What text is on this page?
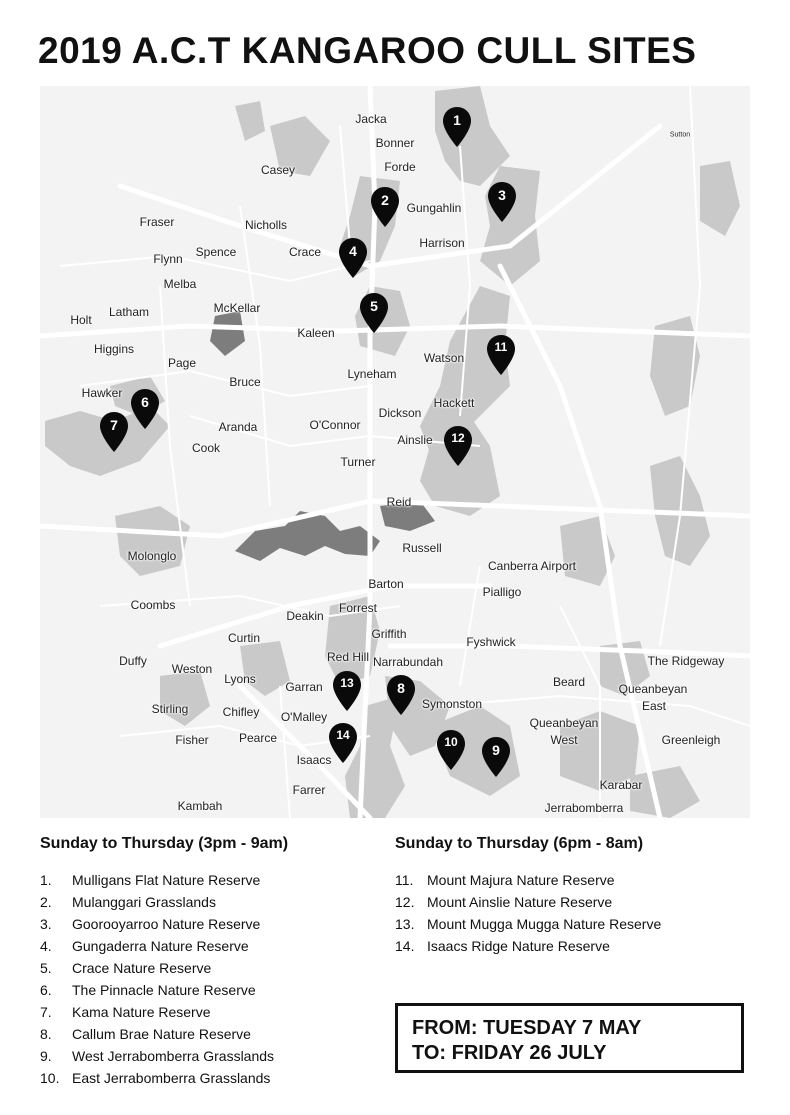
2019 A.C.T KANGAROO CULL SITES
Jacka
Bonner
Forde
Casey
Gungahlin
Fraser	Nicholls
Harrison
Flynn Spence	Crace
Melba
Holt
Latham	McKellar
Kaleen
Higgins
Page	Watson
Lyneham
Bruce
Hawker
Hackett
Dickson
Aranda	O'Connor
Ainslie
Cook
Turner
Reid
Russell
Molonglo
Canberra Airport
Barton
Pialligo
Coombs	Forrest
Deakin
Griffith
Fyshwick
Curtin
Red Hill Narrabundah	The Ridgeway
Duffy
Weston
Lyons
Garran	Beard	Queanbeyan
East
Symonston
Stirling	Chifley O'Malley	Queanbeyan
West
Fisher	Pearce	Greenleigh
Isaacs
Karabar
Farrer
Kambah	Jerrabomberra
Sutton
1
2	3
4
5
6
7
8
9
10
11
12
13
14
Sunday to Thursday (3pm - 9am)
1. Mulligans Flat Nature Reserve
2. Mulanggari Grasslands
3. Goorooyarroo Nature Reserve
4. Gungaderra Nature Reserve
5. Crace Nature Reserve
6. The Pinnacle Nature Reserve
7. Kama Nature Reserve
8. Callum Brae Nature Reserve
9. West Jerrabomberra Grasslands
10. East Jerrabomberra Grasslands
Sunday to Thursday (6pm - 8am)
11. Mount Majura Nature Reserve
12. Mount Ainslie Nature Reserve
13. Mount Mugga Mugga Nature Reserve
14. Isaacs Ridge Nature Reserve
FROM: TUESDAY 7 MAY
TO: FRIDAY 26 JULY
